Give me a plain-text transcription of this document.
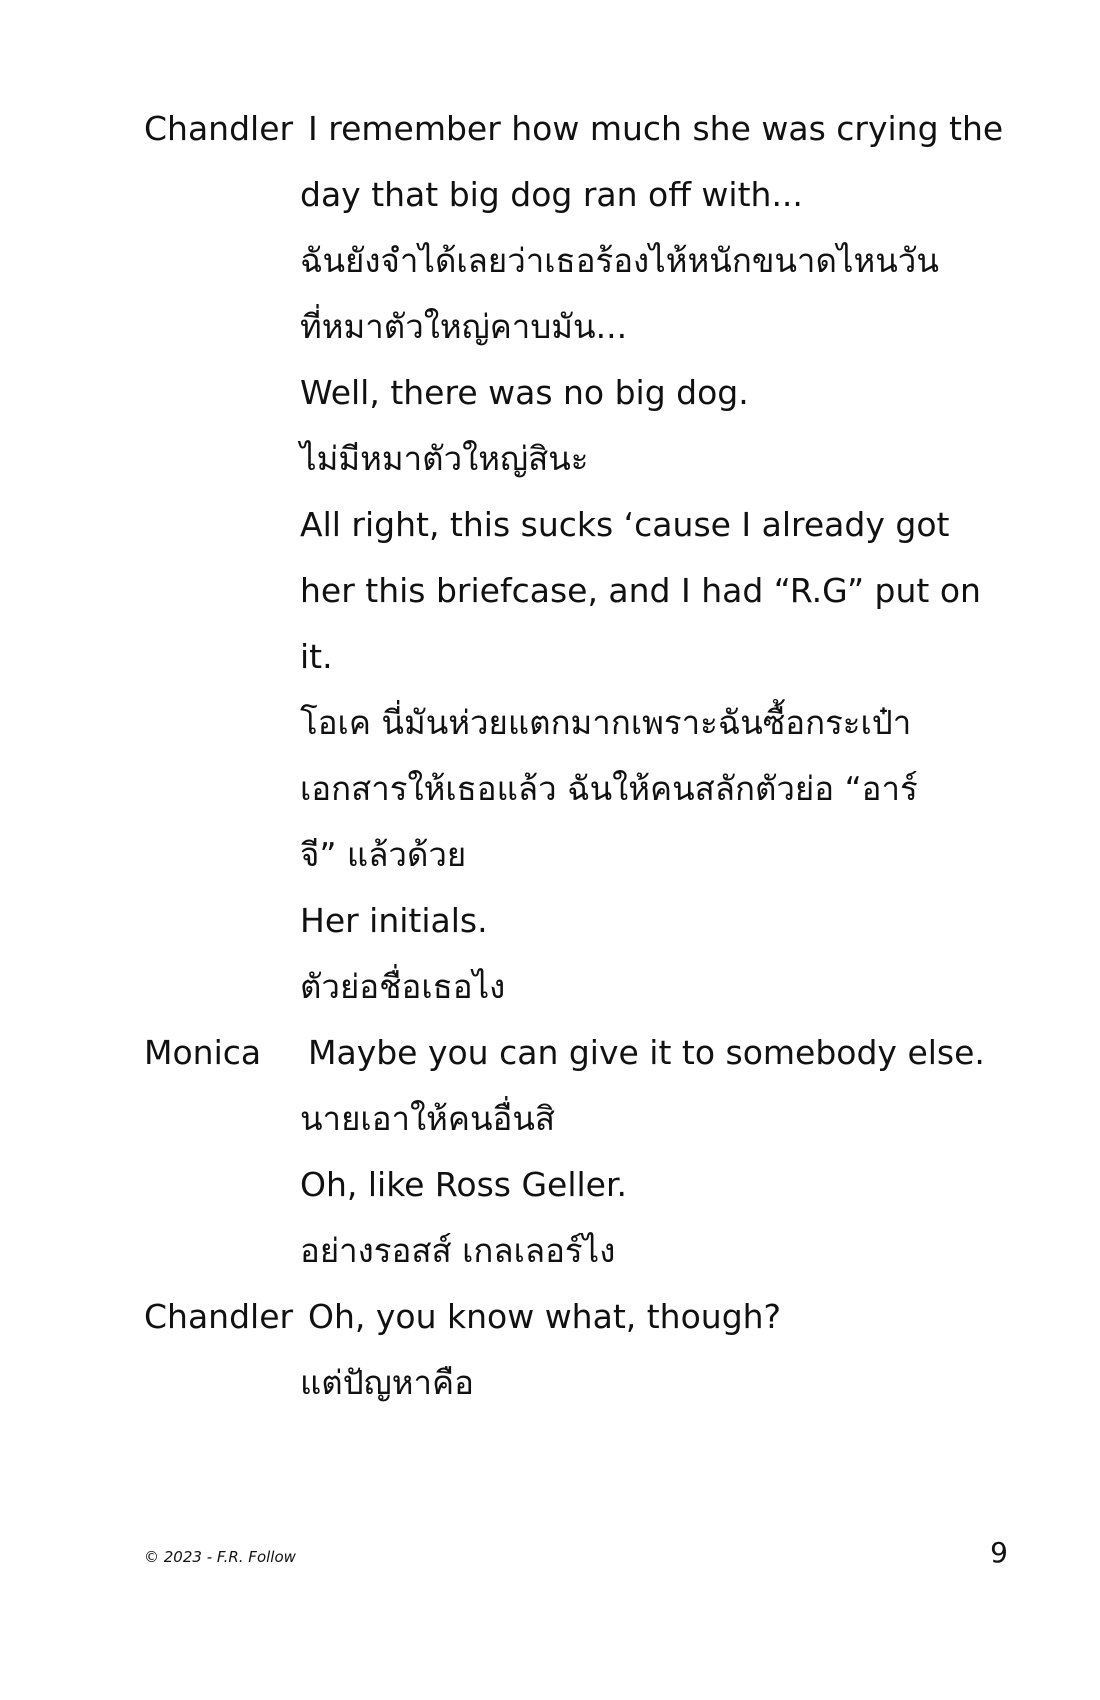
Chandler I remember how much she was crying the
day that big dog ran off with...
ฉันยังจำได้เลยว่าเธอร้องไห้หนักขนาดไหนวัน
ที่หมาตัวใหญ่คาบมัน...
Well, there was no big dog.
ไม่มีหมาตัวใหญ่สินะ
All right, this sucks ‘cause I already got
her this briefcase, and I had “R.G” put on
it.
โอเค นี่มันห่วยแตกมากเพราะฉันซื้อกระเป๋า
เอกสารให้เธอแล้ว ฉันให้คนสลักตัวย่อ “อาร์
จี” แล้วด้วย
Her initials.
ตัวย่อชื่อเธอไง
Monica Maybe you can give it to somebody else.
นายเอาให้คนอื่นสิ
Oh, like Ross Geller.
อย่างรอสส์ เกลเลอร์ไง
Chandler Oh, you know what, though?
แต่ปัญหาคือ
© 2023 - F.R. Follow	9
